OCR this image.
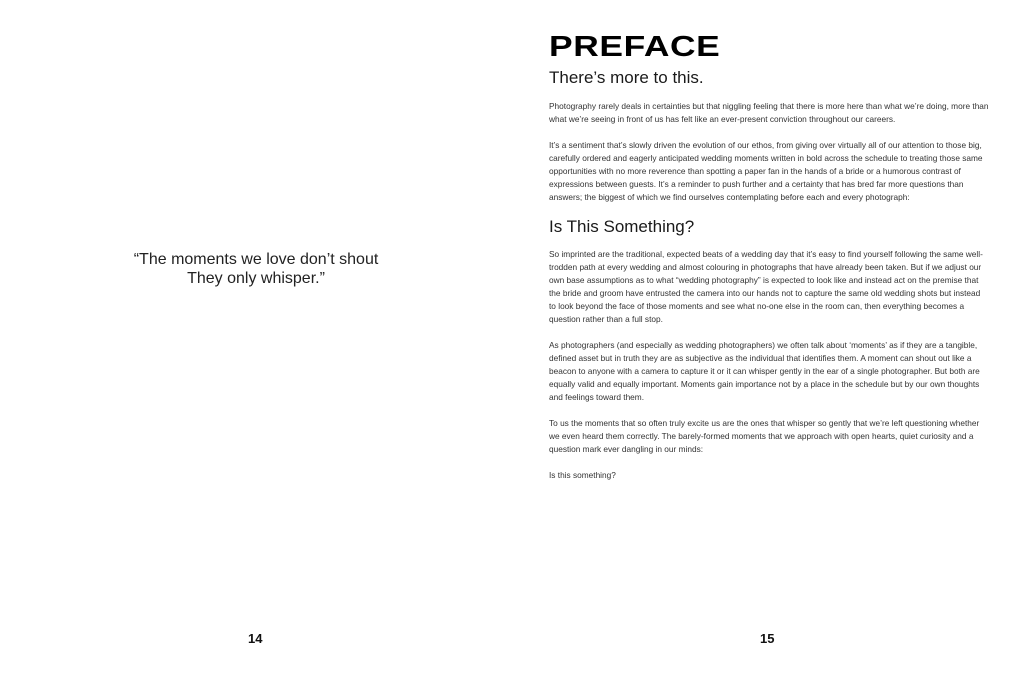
“The moments we love don’t shout
They only whisper.”
14
PREFACE
There’s more to this.

Photography rarely deals in certainties but that niggling feeling that there is more here than what we’re doing, more than what we’re seeing in front of us has felt like an ever-present conviction throughout our careers.

It’s a sentiment that’s slowly driven the evolution of our ethos, from giving over virtually all of our attention to those big, carefully ordered and eagerly anticipated wedding moments written in bold across the schedule to treating those same opportunities with no more reverence than spotting a paper fan in the hands of a bride or a humorous contrast of expressions between guests. It’s a reminder to push further and a certainty that has bred far more questions than answers; the biggest of which we find ourselves contemplating before each and every photograph:

Is This Something?

So imprinted are the traditional, expected beats of a wedding day that it’s easy to find yourself following the same well-trodden path at every wedding and almost colouring in photographs that have already been taken. But if we adjust our own base assumptions as to what “wedding photography” is expected to look like and instead act on the premise that the bride and groom have entrusted the camera into our hands not to capture the same old wedding shots but instead to look beyond the face of those moments and see what no-one else in the room can, then everything becomes a question rather than a full stop.

As photographers (and especially as wedding photographers) we often talk about ‘moments’ as if they are a tangible, defined asset but in truth they are as subjective as the individual that identifies them. A moment can shout out like a beacon to anyone with a camera to capture it or it can whisper gently in the ear of a single photographer. But both are equally valid and equally important. Moments gain importance not by a place in the schedule but by our own thoughts and feelings toward them.

To us the moments that so often truly excite us are the ones that whisper so gently that we’re left questioning whether we even heard them correctly. The barely-formed moments that we approach with open hearts, quiet curiosity and a question mark ever dangling in our minds:

Is this something?

15
